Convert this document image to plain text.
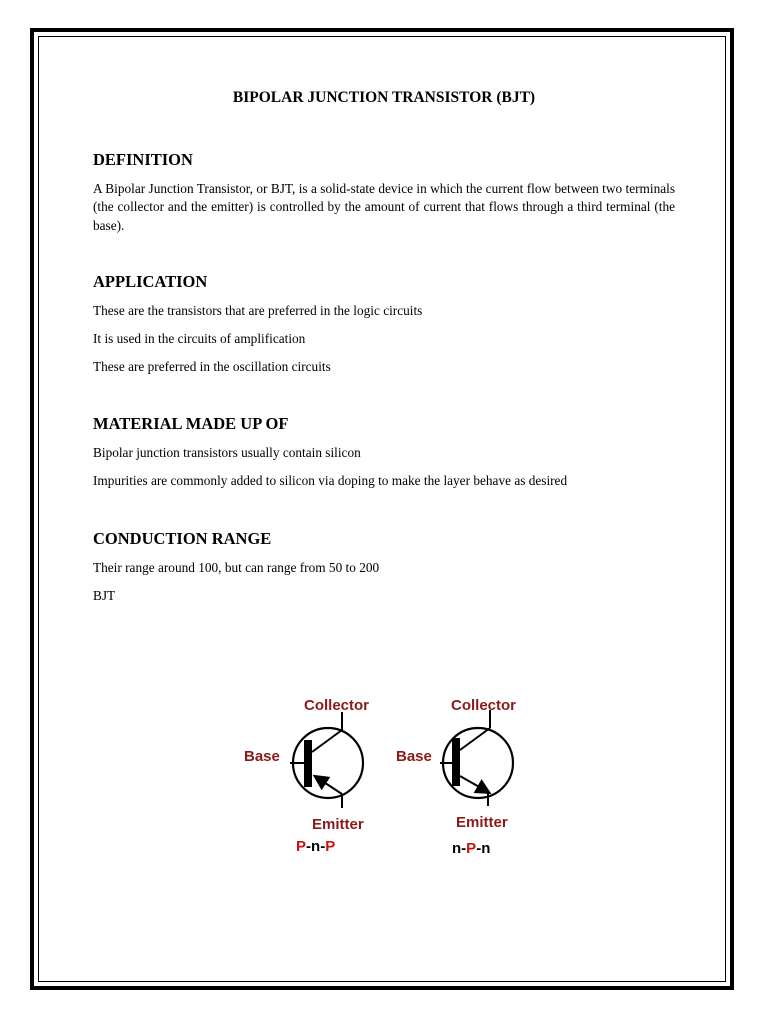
BIPOLAR JUNCTION TRANSISTOR (BJT)
DEFINITION

A Bipolar Junction Transistor, or BJT, is a solid-state device in which the current flow between two terminals (the collector and the emitter) is controlled by the amount of current that flows through a third terminal (the base).

APPLICATION

These are the transistors that are preferred in the logic circuits

It is used in the circuits of amplification

These are preferred in the oscillation circuits

MATERIAL MADE UP OF

Bipolar junction transistors usually contain silicon

Impurities are commonly added to silicon via doping to make the layer behave as desired

CONDUCTION RANGE

Their range around 100, but can range from 50 to 200

BJT

Collector
Base
Emitter
P-n-P
Collector
Base
Emitter
n-P-n
